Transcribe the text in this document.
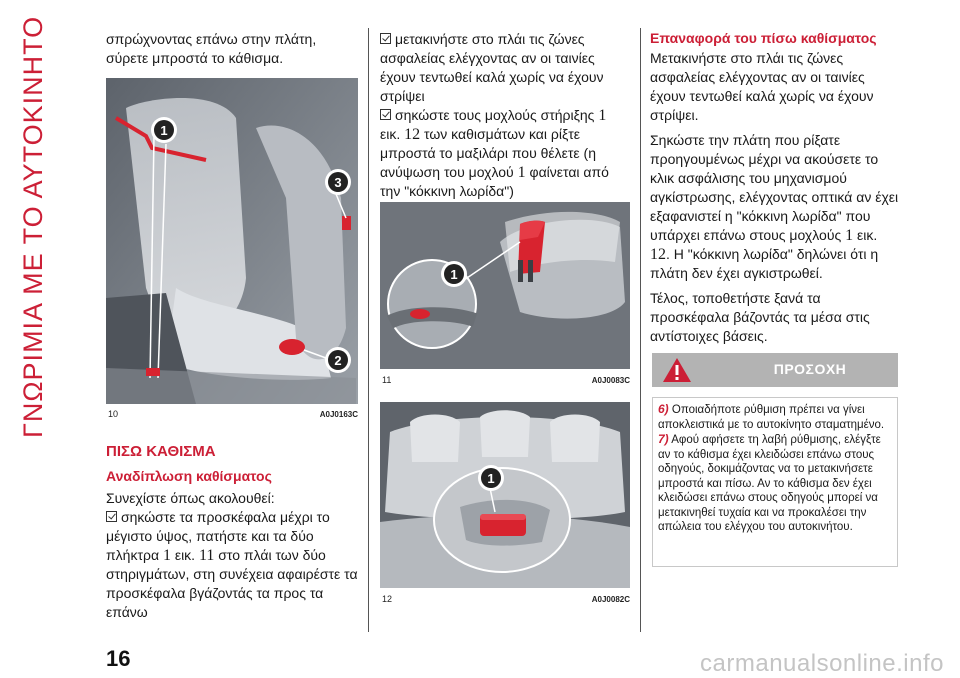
ΓΝΩΡΙΜΙΑ ΜΕ ΤΟ ΑΥΤΟΚΙΝΗΤΟ	σπρώχνοντας επάνω στην πλάτη, σύρετε μπροστά το κάθισμα.

1
3
2
10	A0J0163C
ΠΙΣΩ ΚΑΘΙΣΜΑ
Αναδίπλωση καθίσματος

Συνεχίστε όπως ακολουθεί:

σηκώστε τα προσκέφαλα μέχρι το μέγιστο ύψος, πατήστε και τα δύο πλήκτρα 1 εικ. 11 στο πλάι των δύο στηριγμάτων, στη συνέχεια αφαιρέστε τα προσκέφαλα βγάζοντάς τα προς τα επάνω

μετακινήστε στο πλάι τις ζώνες ασφαλείας ελέγχοντας αν οι ταινίες έχουν τεντωθεί καλά χωρίς να έχουν στρίψει

σηκώστε τους μοχλούς στήριξης 1 εικ. 12 των καθισμάτων και ρίξτε μπροστά το μαξιλάρι που θέλετε (η ανύψωση του μοχλού 1 φαίνεται από την "κόκκινη λωρίδα")

1
11	A0J0083C
1
12	A0J0082C
Επαναφορά του πίσω καθίσματος

Μετακινήστε στο πλάι τις ζώνες ασφαλείας ελέγχοντας αν οι ταινίες έχουν τεντωθεί καλά χωρίς να έχουν στρίψει.

Σηκώστε την πλάτη που ρίξατε προηγουμένως μέχρι να ακούσετε το κλικ ασφάλισης του μηχανισμού αγκίστρωσης, ελέγχοντας οπτικά αν έχει εξαφανιστεί η "κόκκινη λωρίδα" που υπάρχει επάνω στους μοχλούς 1 εικ. 12. Η "κόκκινη λωρίδα" δηλώνει ότι η πλάτη δεν έχει αγκιστρωθεί.

Τέλος, τοποθετήστε ξανά τα προσκέφαλα βάζοντάς τα μέσα στις αντίστοιχες βάσεις.

ΠΡΟΣΟΧΗ

6) Οποιαδήποτε ρύθμιση πρέπει να γίνει αποκλειστικά με το αυτοκίνητο σταματημένο.

7) Αφού αφήσετε τη λαβή ρύθμισης, ελέγξτε αν το κάθισμα έχει κλειδώσει επάνω στους οδηγούς, δοκιμάζοντας να το μετακινήσετε μπροστά και πίσω. Αν το κάθισμα δεν έχει κλειδώσει επάνω στους οδηγούς μπορεί να μετακινηθεί τυχαία και να προκαλέσει την απώλεια του ελέγχου του αυτοκινήτου.

16	carmanualsonline.info
